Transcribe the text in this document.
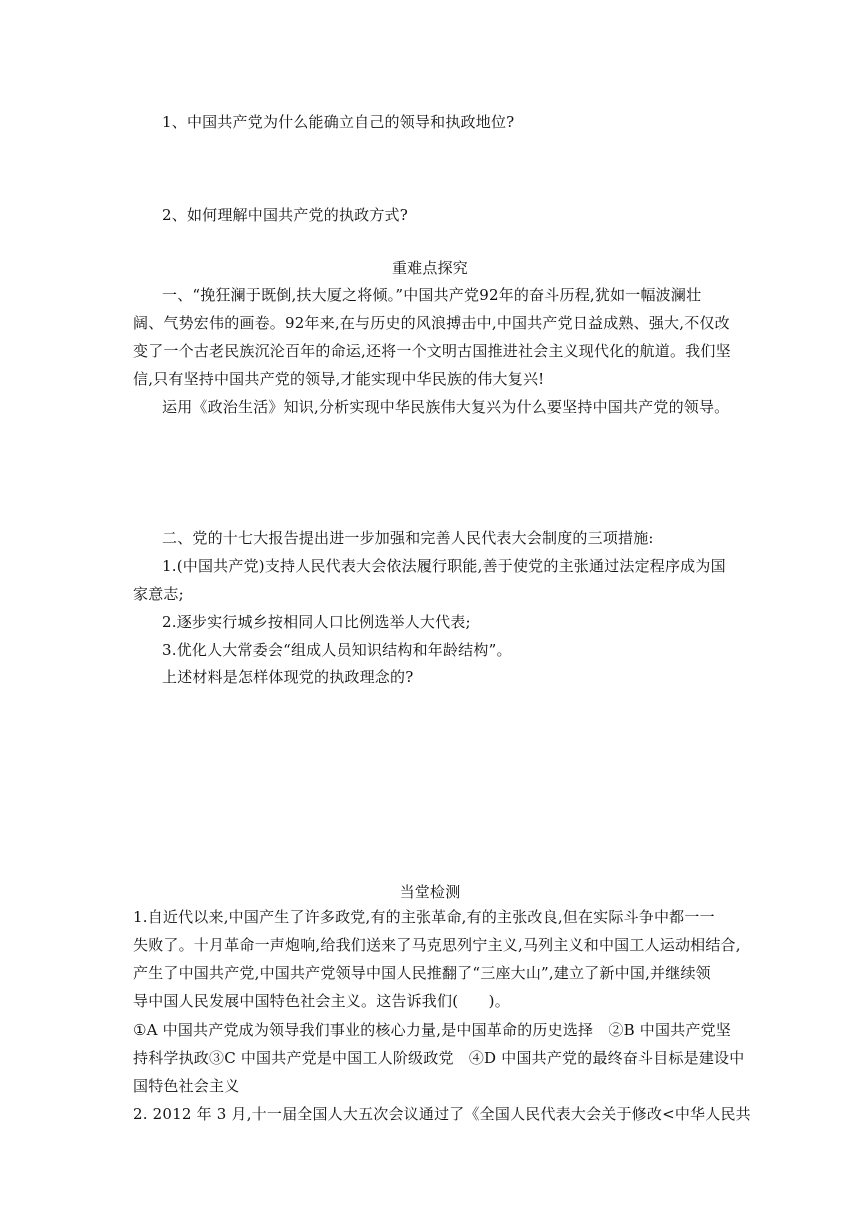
1、中国共产党为什么能确立自己的领导和执政地位?
2、如何理解中国共产党的执政方式?
重难点探究
一、“挽狂澜于既倒,扶大厦之将倾。”中国共产党92年的奋斗历程,犹如一幅波澜壮
阔、气势宏伟的画卷。92年来,在与历史的风浪搏击中,中国共产党日益成熟、强大,不仅改
变了一个古老民族沉沦百年的命运,还将一个文明古国推进社会主义现代化的航道。我们坚
信,只有坚持中国共产党的领导,才能实现中华民族的伟大复兴!
运用《政治生活》知识,分析实现中华民族伟大复兴为什么要坚持中国共产党的领导。
二、党的十七大报告提出进一步加强和完善人民代表大会制度的三项措施:
1.(中国共产党)支持人民代表大会依法履行职能,善于使党的主张通过法定程序成为国
家意志;
2.逐步实行城乡按相同人口比例选举人大代表;
3.优化人大常委会“组成人员知识结构和年龄结构”。
上述材料是怎样体现党的执政理念的?
当堂检测
1.自近代以来,中国产生了许多政党,有的主张革命,有的主张改良,但在实际斗争中都一一
失败了。十月革命一声炮响,给我们送来了马克思列宁主义,马列主义和中国工人运动相结合,
产生了中国共产党,中国共产党领导中国人民推翻了“三座大山”,建立了新中国,并继续领
导中国人民发展中国特色社会主义。这告诉我们(　　)。
①A 中国共产党成为领导我们事业的核心力量,是中国革命的历史选择　②B 中国共产党坚
持科学执政③C 中国共产党是中国工人阶级政党　④D 中国共产党的最终奋斗目标是建设中
国特色社会主义
2. 2012 年 3 月,十一届全国人大五次会议通过了《全国人民代表大会关于修改<中华人民共
